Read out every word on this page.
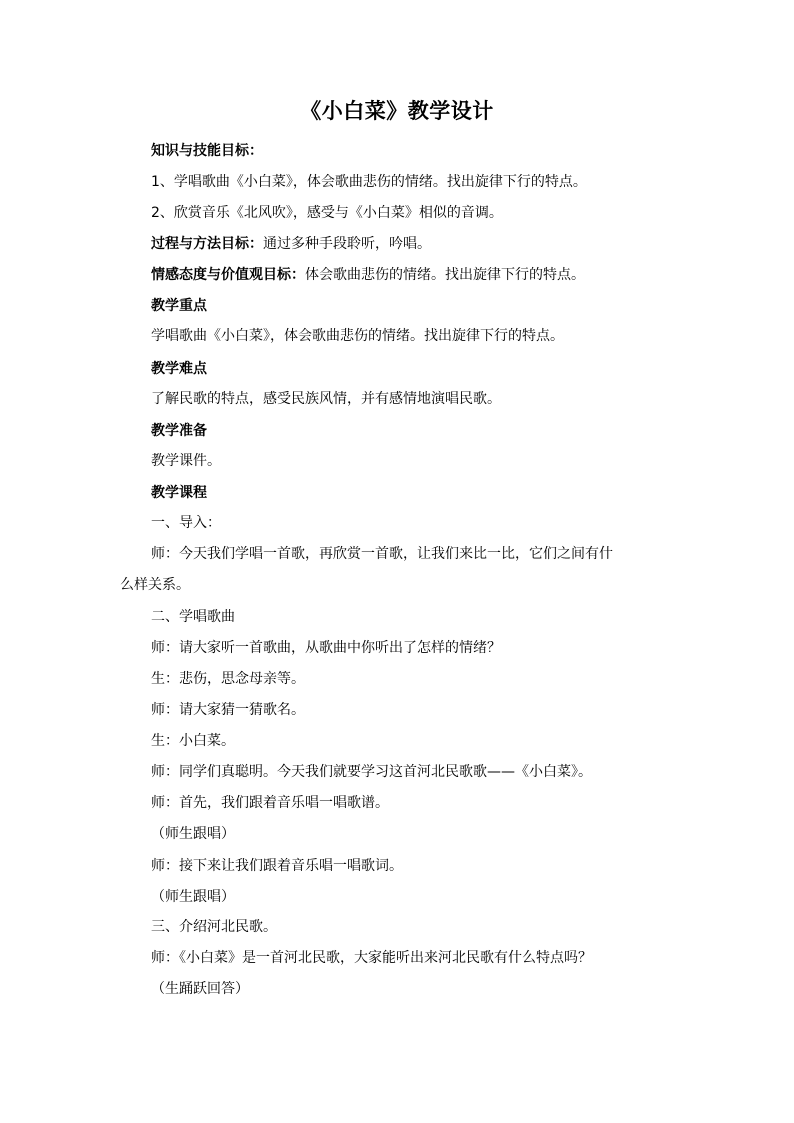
《小白菜》教学设计
知识与技能目标：
1、学唱歌曲《小白菜》，体会歌曲悲伤的情绪。找出旋律下行的特点。
2、欣赏音乐《北风吹》，感受与《小白菜》相似的音调。
过程与方法目标：通过多种手段聆听，吟唱。
情感态度与价值观目标：体会歌曲悲伤的情绪。找出旋律下行的特点。
教学重点
学唱歌曲《小白菜》，体会歌曲悲伤的情绪。找出旋律下行的特点。
教学难点
了解民歌的特点，感受民族风情，并有感情地演唱民歌。
教学准备
教学课件。
教学课程
一、导入：
师：今天我们学唱一首歌，再欣赏一首歌，让我们来比一比，它们之间有什
么样关系。
二、学唱歌曲
师：请大家听一首歌曲，从歌曲中你听出了怎样的情绪？
生：悲伤，思念母亲等。
师：请大家猜一猜歌名。
生：小白菜。
师：同学们真聪明。今天我们就要学习这首河北民歌歌——《小白菜》。
师：首先，我们跟着音乐唱一唱歌谱。
（师生跟唱）
师：接下来让我们跟着音乐唱一唱歌词。
（师生跟唱）
三、介绍河北民歌。
师：《小白菜》是一首河北民歌，大家能听出来河北民歌有什么特点吗？
（生踊跃回答）
